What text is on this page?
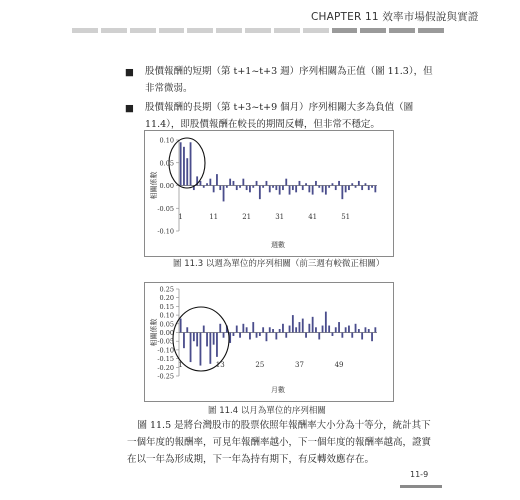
CHAPTER 11 效率市場假說與實證
■ 股價報酬的短期（第 t+1~t+3 週）序列相關為正值（圖 11.3），但非常微弱。
■ 股價報酬的長期（第 t+3~t+9 個月）序列相關大多為負值（圖 11.4），即股價報酬在較長的期間反轉，但非常不穩定。
0.10
0.05
0.00
-0.05
-0.10
1	11	21	31	41	51
相關係數
週數
圖 11.3 以週為單位的序列相關（前三週有較微正相關）
0.25
0.20
0.15
0.10
0.05
0.00
-0.05
-0.10
-0.15
-0.20
-0.25
1	13	25	37	49
相關係數
月數
圖 11.4 以月為單位的序列相關
圖 11.5 是將台灣股市的股票依照年報酬率大小分為十等分，統計其下一個年度的報酬率，可見年報酬率越小，下一個年度的報酬率越高，證實在以一年為形成期，下一年為持有期下，有反轉效應存在。
11-9
